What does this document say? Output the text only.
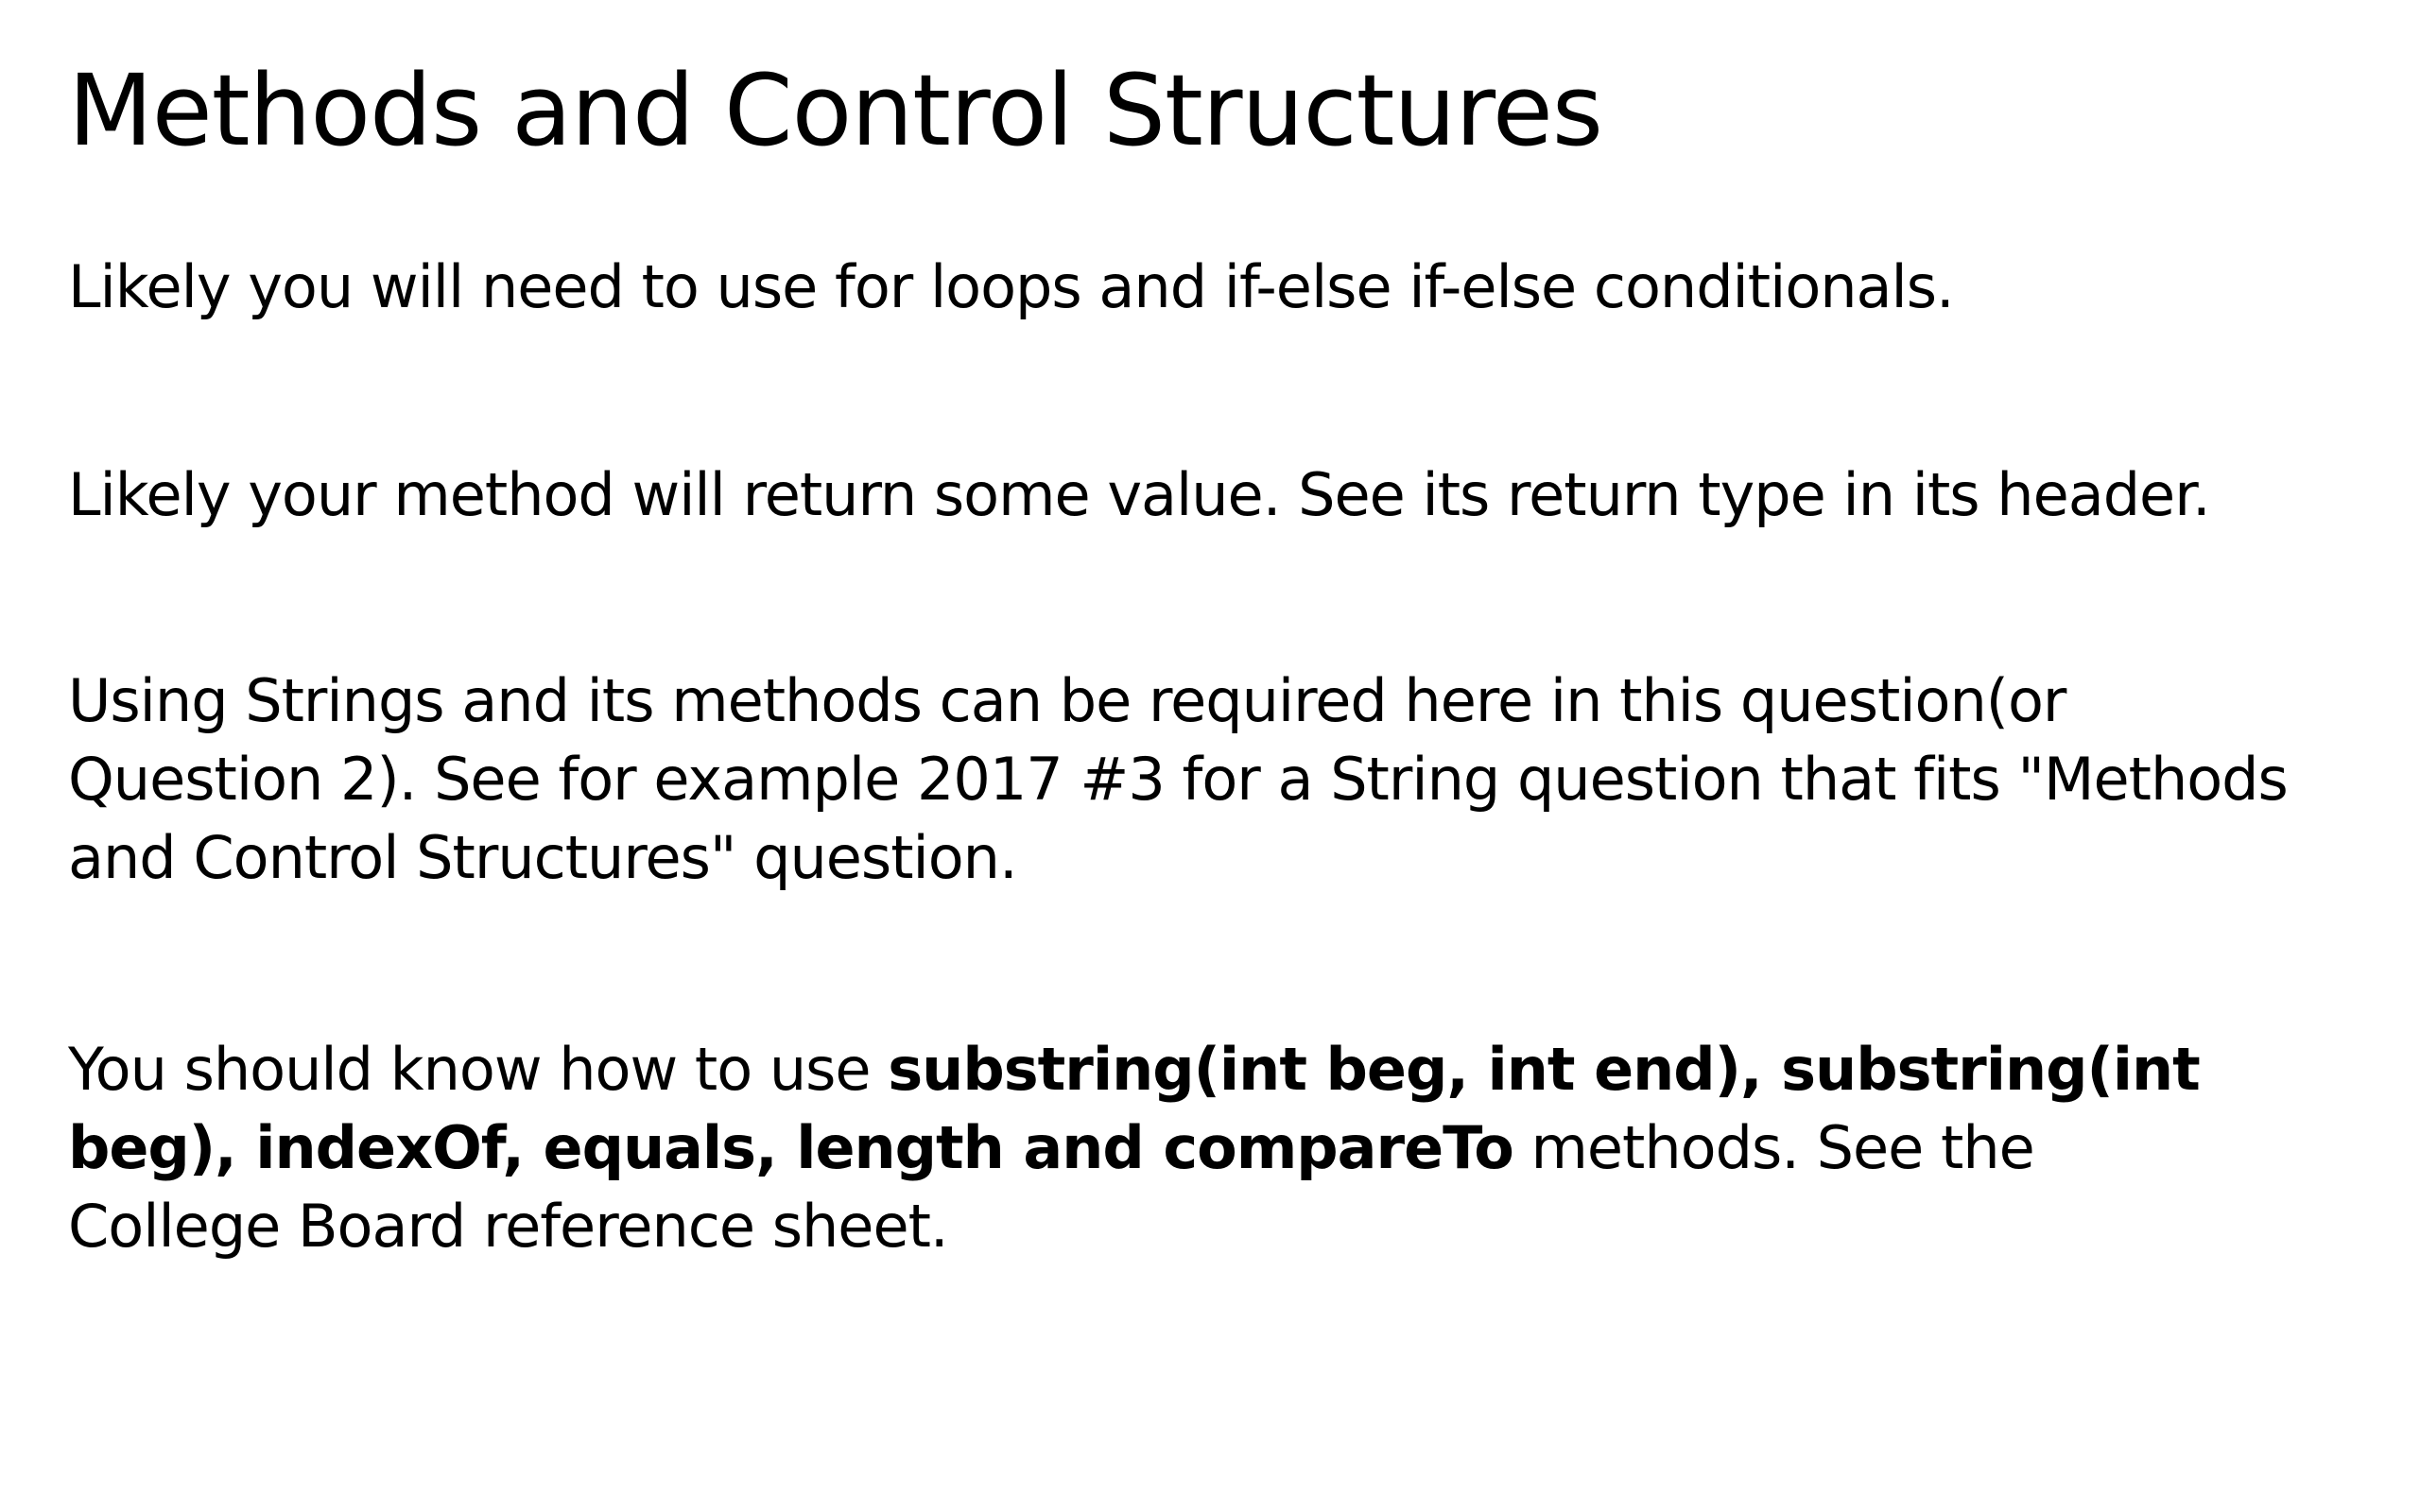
Methods and Control Structures

Likely you will need to use for loops and if-else if-else conditionals.

Likely your method will return some value. See its return type in its header.

Using Strings and its methods can be required here in this question(or
Question 2). See for example 2017 #3 for a String question that fits "Methods
and Control Structures" question.

You should know how to use substring(int beg, int end), substring(int
beg), indexOf, equals, length and compareTo methods. See the
College Board reference sheet.
